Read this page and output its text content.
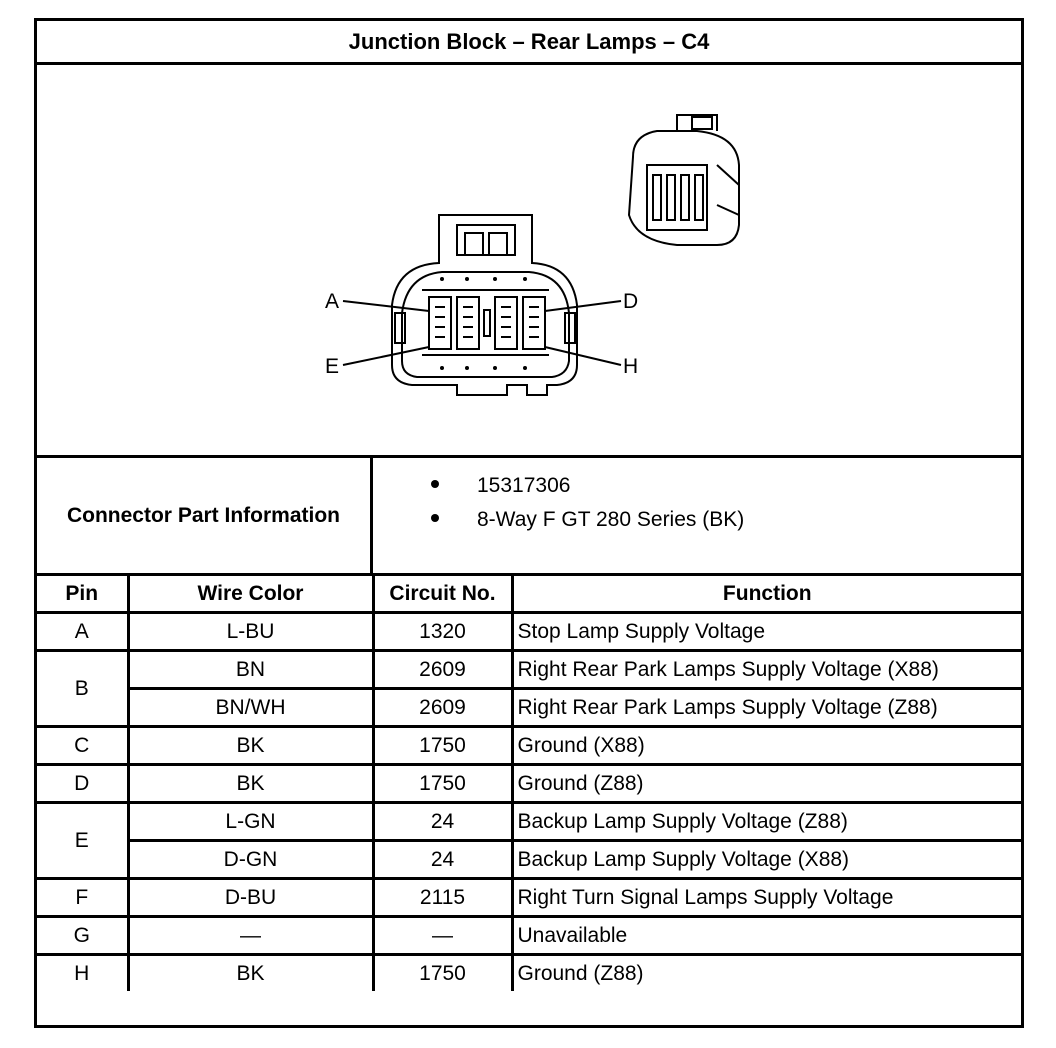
Junction Block – Rear Lamps – C4
A
E
D
H
Connector Part Information
15317306
8-Way F GT 280 Series (BK)
Pin	Wire Color	Circuit No.	Function
A	L-BU	1320	Stop Lamp Supply Voltage
B	BN	2609	Right Rear Park Lamps Supply Voltage (X88)
	BN/WH	2609	Right Rear Park Lamps Supply Voltage (Z88)
C	BK	1750	Ground (X88)
D	BK	1750	Ground (Z88)
E	L-GN	24	Backup Lamp Supply Voltage (Z88)
	D-GN	24	Backup Lamp Supply Voltage (X88)
F	D-BU	2115	Right Turn Signal Lamps Supply Voltage
G	—	—	Unavailable
H	BK	1750	Ground (Z88)
